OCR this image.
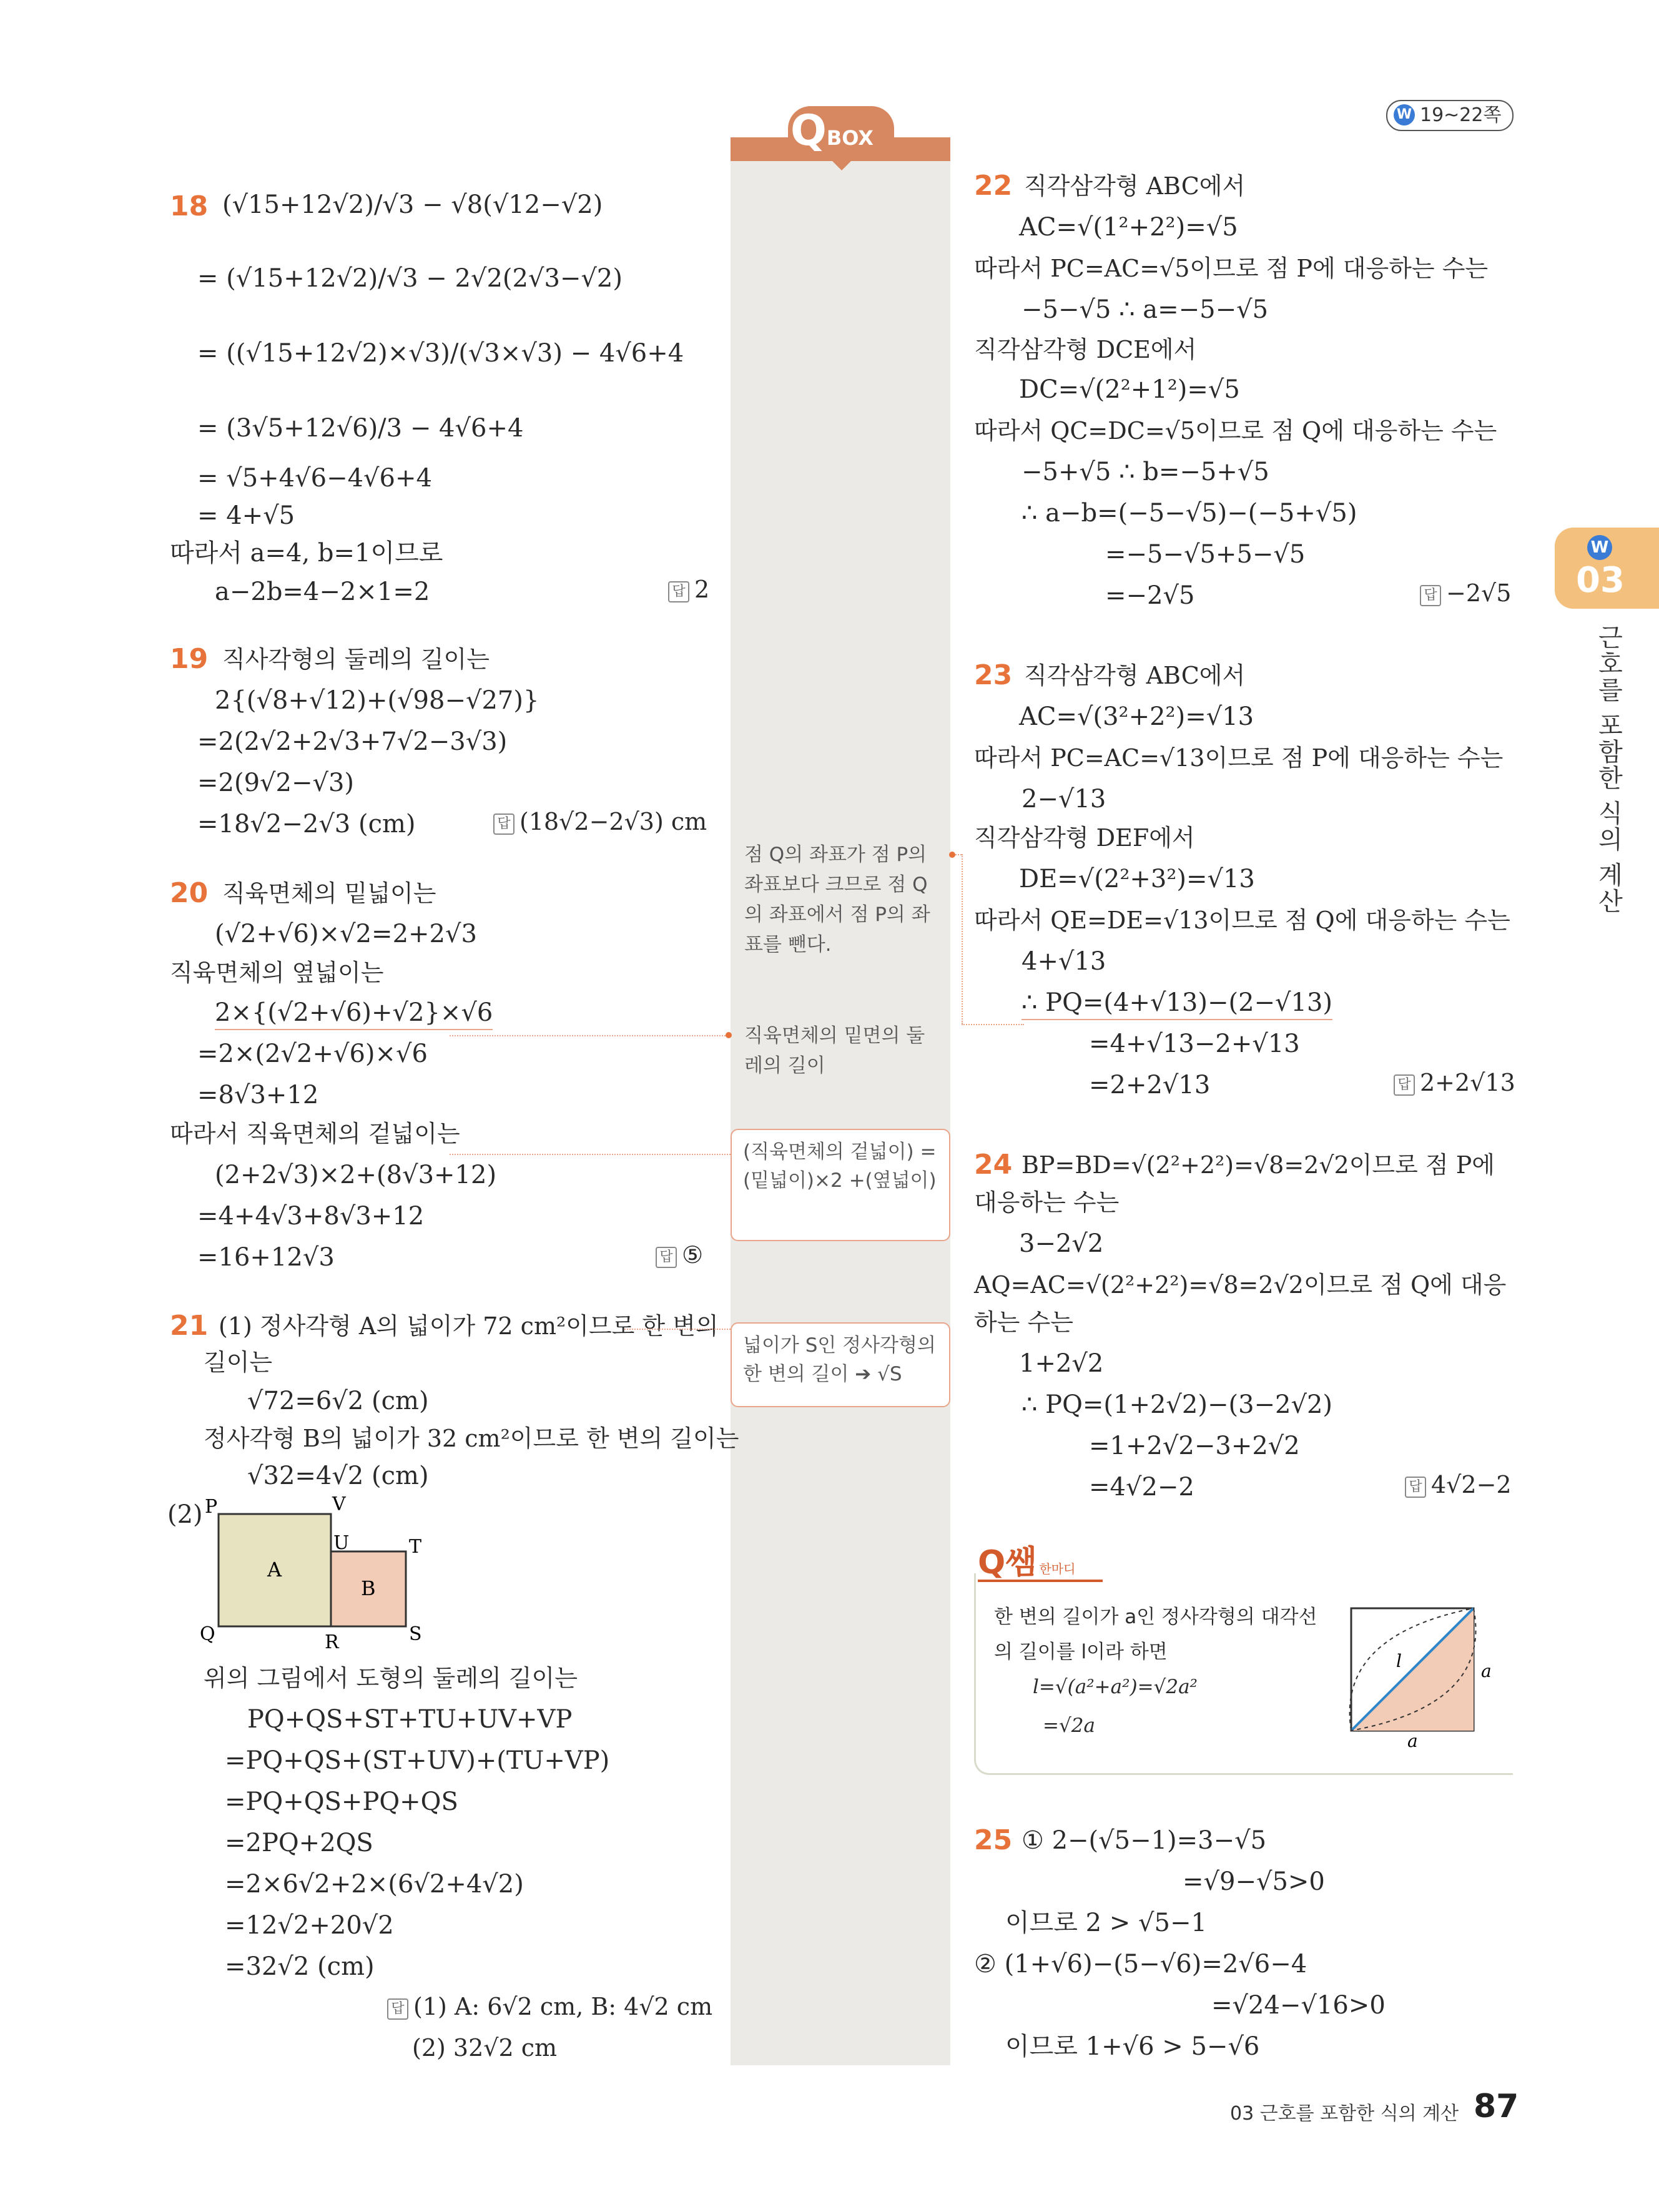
W 19~22쪽
QBOX
W
03
근호를 포함한 식의 계산
18 (√15+12√2)/√3 − √8(√12−√2)
= (√15+12√2)/√3 − 2√2(2√3−√2)
= ((√15+12√2)×√3)/(√3×√3) − 4√6+4
= (3√5+12√6)/3 − 4√6+4
= √5+4√6−4√6+4
= 4+√5
따라서 a=4, b=1이므로
a−2b=4−2×1=2	답 2
19 직사각형의 둘레의 길이는
2{(√8+√12)+(√98−√27)}
=2(2√2+2√3+7√2−3√3)
=2(9√2−√3)
=18√2−2√3 (cm)	답 (18√2−2√3) cm
20 직육면체의 밑넓이는
(√2+√6)×√2=2+2√3
직육면체의 옆넓이는
2×{(√2+√6)+√2}×√6
=2×(2√2+√6)×√6
=8√3+12
따라서 직육면체의 겉넓이는
(2+2√3)×2+(8√3+12)
=4+4√3+8√3+12
=16+12√3	답 ⑤
21 (1) 정사각형 A의 넓이가 72 cm²이므로 한 변의
길이는
√72=6√2 (cm)
정사각형 B의 넓이가 32 cm²이므로 한 변의 길이는
√32=4√2 (cm)
(2) P	V
U	T
Q	R	S
A
B
위의 그림에서 도형의 둘레의 길이는
PQ+QS+ST+TU+UV+VP
=PQ+QS+(ST+UV)+(TU+VP)
=PQ+QS+PQ+QS
=2PQ+2QS
=2×6√2+2×(6√2+4√2)
=12√2+20√2
=32√2 (cm)
답 (1) A: 6√2 cm, B: 4√2 cm
(2) 32√2 cm
점 Q의 좌표가 점 P의 좌표보다 크므로 점 Q의 좌표에서 점 P의 좌표를 뺀다.
직육면체의 밑면의 둘레의 길이
(직육면체의 겉넓이) =(밑넓이)×2 +(옆넓이)
넓이가 S인 정사각형의 한 변의 길이 ➔ √S
22 직각삼각형 ABC에서
AC=√(1²+2²)=√5
따라서 PC=AC=√5이므로 점 P에 대응하는 수는
−5−√5 ∴ a=−5−√5
직각삼각형 DCE에서
DC=√(2²+1²)=√5
따라서 QC=DC=√5이므로 점 Q에 대응하는 수는
−5+√5 ∴ b=−5+√5
∴ a−b=(−5−√5)−(−5+√5)
=−5−√5+5−√5
=−2√5	답 −2√5
23 직각삼각형 ABC에서
AC=√(3²+2²)=√13
따라서 PC=AC=√13이므로 점 P에 대응하는 수는
2−√13
직각삼각형 DEF에서
DE=√(2²+3²)=√13
따라서 QE=DE=√13이므로 점 Q에 대응하는 수는
4+√13
∴ PQ=(4+√13)−(2−√13)
=4+√13−2+√13
=2+2√13	답 2+2√13
24 BP=BD=√(2²+2²)=√8=2√2이므로 점 P에
대응하는 수는
3−2√2
AQ=AC=√(2²+2²)=√8=2√2이므로 점 Q에 대응
하는 수는
1+2√2
∴ PQ=(1+2√2)−(3−2√2)
=1+2√2−3+2√2
=4√2−2	답 4√2−2
Q쌤 한마디
한 변의 길이가 a인 정사각형의 대각선
의 길이를 l이라 하면
l=√(a²+a²)=√2a²
=√2a
l	a
a
25 ① 2−(√5−1)=3−√5
=√9−√5>0
이므로 2 > √5−1
② (1+√6)−(5−√6)=2√6−4
=√24−√16>0
이므로 1+√6 > 5−√6
03 근호를 포함한 식의 계산 87
